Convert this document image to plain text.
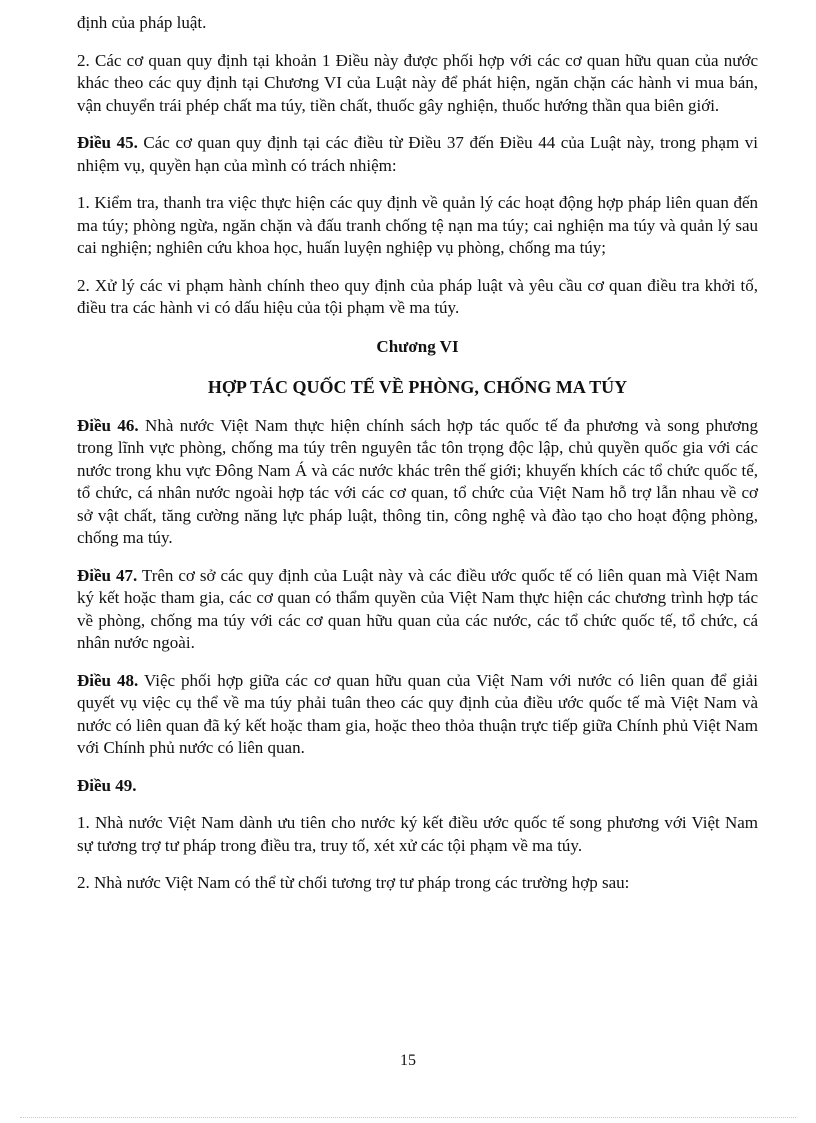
định của pháp luật.

2. Các cơ quan quy định tại khoản 1 Điều này được phối hợp với các cơ quan hữu quan của nước khác theo các quy định tại Chương VI của Luật này để phát hiện, ngăn chặn các hành vi mua bán, vận chuyển trái phép chất ma túy, tiền chất, thuốc gây nghiện, thuốc hướng thần qua biên giới.

Điều 45. Các cơ quan quy định tại các điều từ Điều 37 đến Điều 44 của Luật này, trong phạm vi nhiệm vụ, quyền hạn của mình có trách nhiệm:

1. Kiểm tra, thanh tra việc thực hiện các quy định về quản lý các hoạt động hợp pháp liên quan đến ma túy; phòng ngừa, ngăn chặn và đấu tranh chống tệ nạn ma túy; cai nghiện ma túy và quản lý sau cai nghiện; nghiên cứu khoa học, huấn luyện nghiệp vụ phòng, chống ma túy;

2. Xử lý các vi phạm hành chính theo quy định của pháp luật và yêu cầu cơ quan điều tra khởi tố, điều tra các hành vi có dấu hiệu của tội phạm về ma túy.

Chương VI

HỢP TÁC QUỐC TẾ VỀ PHÒNG, CHỐNG MA TÚY

Điều 46. Nhà nước Việt Nam thực hiện chính sách hợp tác quốc tế đa phương và song phương trong lĩnh vực phòng, chống ma túy trên nguyên tắc tôn trọng độc lập, chủ quyền quốc gia với các nước trong khu vực Đông Nam Á và các nước khác trên thế giới; khuyến khích các tổ chức quốc tế, tổ chức, cá nhân nước ngoài hợp tác với các cơ quan, tổ chức của Việt Nam hỗ trợ lẫn nhau về cơ sở vật chất, tăng cường năng lực pháp luật, thông tin, công nghệ và đào tạo cho hoạt động phòng, chống ma túy.

Điều 47. Trên cơ sở các quy định của Luật này và các điều ước quốc tế có liên quan mà Việt Nam ký kết hoặc tham gia, các cơ quan có thẩm quyền của Việt Nam thực hiện các chương trình hợp tác về phòng, chống ma túy với các cơ quan hữu quan của các nước, các tổ chức quốc tế, tổ chức, cá nhân nước ngoài.

Điều 48. Việc phối hợp giữa các cơ quan hữu quan của Việt Nam với nước có liên quan để giải quyết vụ việc cụ thể về ma túy phải tuân theo các quy định của điều ước quốc tế mà Việt Nam và nước có liên quan đã ký kết hoặc tham gia, hoặc theo thỏa thuận trực tiếp giữa Chính phủ Việt Nam với Chính phủ nước có liên quan.

Điều 49.

1. Nhà nước Việt Nam dành ưu tiên cho nước ký kết điều ước quốc tế song phương với Việt Nam sự tương trợ tư pháp trong điều tra, truy tố, xét xử các tội phạm về ma túy.

2. Nhà nước Việt Nam có thể từ chối tương trợ tư pháp trong các trường hợp sau:

15
